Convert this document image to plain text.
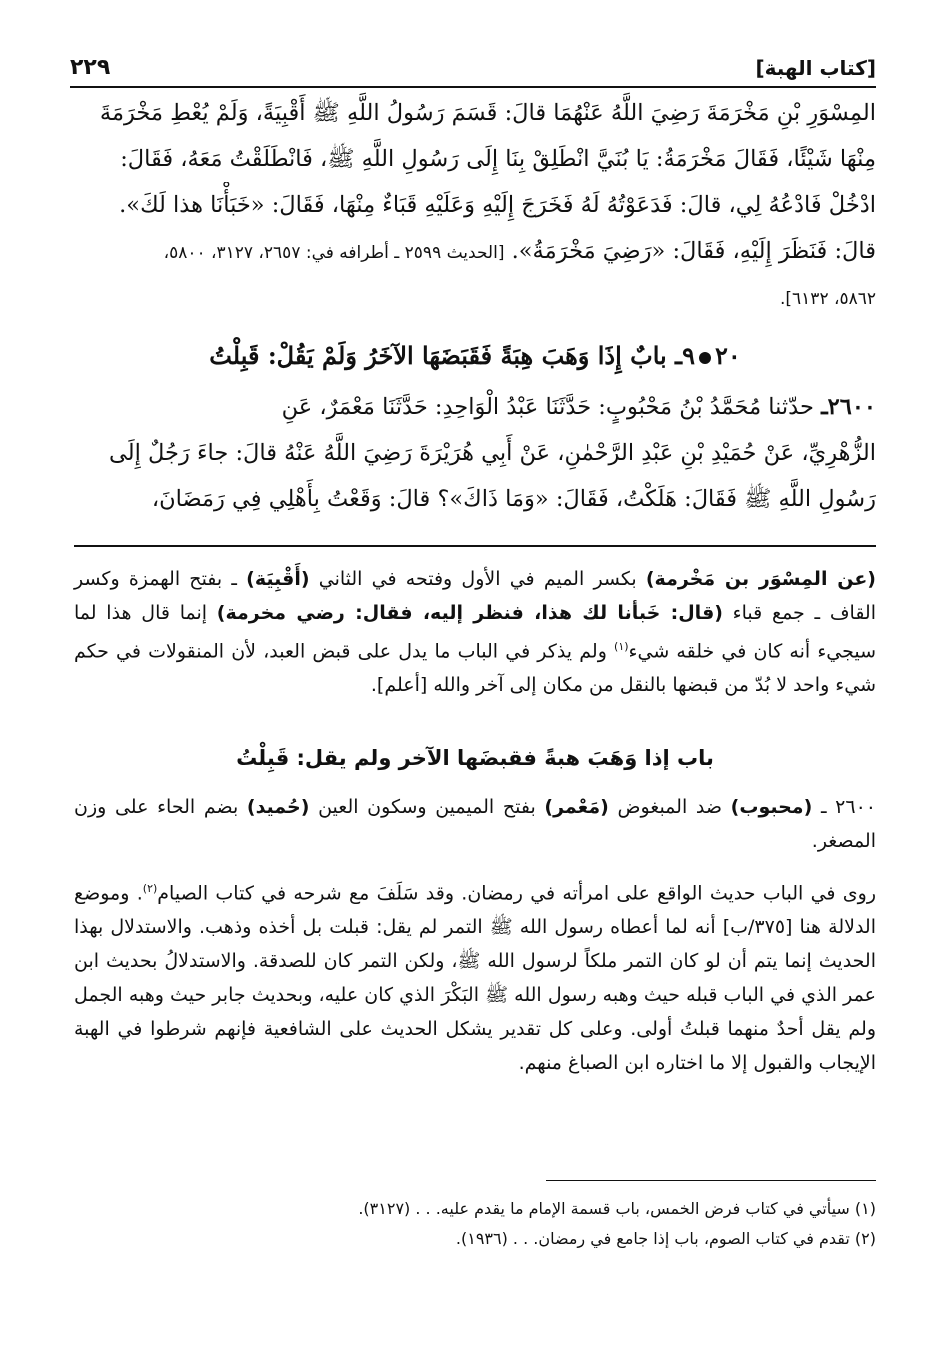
٢٢٩	[كتاب الهبة]
المِسْوَرِ بْنِ مَخْرَمَةَ رَضِيَ اللَّهُ عَنْهُمَا قالَ: قَسَمَ رَسُولُ اللَّهِ ﷺ أَقْبِيَةً، وَلَمْ يُعْطِ مَخْرَمَةَ
مِنْهَا شَيْئًا، فَقَالَ مَخْرَمَةُ: يَا بُنَيَّ انْطَلِقْ بِنَا إِلَى رَسُولِ اللَّهِ ﷺ، فَانْطَلَقْتُ مَعَهُ، فَقَالَ:
ادْخُلْ فَادْعُهُ لِي، قالَ: فَدَعَوْتُهُ لَهُ فَخَرَجَ إِلَيْهِ وَعَلَيْهِ قَبَاءٌ مِنْهَا، فَقَالَ: «خَبَأْنَا هذا لَكَ».
قالَ: فَنَظَرَ إِلَيْهِ، فَقَالَ: «رَضِيَ مَخْرَمَةُ». [الحديث ٢٥٩٩ ـ أطرافه في: ٢٦٥٧، ٣١٢٧، ٥٨٠٠،
٥٨٦٢، ٦١٣٢].
٢٠٩ـ بابٌ إِذَا وَهَبَ هِبَةً فَقَبَضَهَا الآخَرُ وَلَمْ يَقُلْ: قَبِلْتُ
٢٦٠٠ـ حدّثنا مُحَمَّدُ بْنُ مَحْبُوبٍ: حَدَّثَنَا عَبْدُ الْوَاحِدِ: حَدَّثَنَا مَعْمَرٌ، عَنِ
الزُّهْرِيِّ، عَنْ حُمَيْدِ بْنِ عَبْدِ الرَّحْمٰنِ، عَنْ أَبِي هُرَيْرَةَ رَضِيَ اللَّهُ عَنْهُ قالَ: جاءَ رَجُلٌ إِلَى
رَسُولِ اللَّهِ ﷺ فَقَالَ: هَلَكْتُ، فَقَالَ: «وَمَا ذَاكَ»؟ قالَ: وَقَعْتُ بِأَهْلِي فِي رَمَضَانَ،
(عن المِسْوَر بن مَخْرمة) بكسر الميم في الأول وفتحه في الثاني (أَقْبِيَة) ـ بفتح الهمزة وكسر القاف ـ جمع قباء (قال: خَبأنا لك هذا، فنظر إليه، فقال: رضي مخرمة) إنما قال هذا لما سيجيء أنه كان في خلقه شيء$^{(١)}$ ولم يذكر في الباب ما يدل على قبض العبد، لأن المنقولات في حكم شيء واحد لا بُدّ من قبضها بالنقل من مكان إلى آخر والله [أعلم].
باب إذا وَهَبَ هبةً فقبضَها الآخر ولم يقل: قَبِلْتُ
٢٦٠٠ ـ (محبوب) ضد المبغوض (مَعْمر) بفتح الميمين وسكون العين (حُميد) بضم الحاء على وزن المصغر.
روى في الباب حديث الواقع على امرأته في رمضان. وقد سَلَفَ مع شرحه في كتاب الصيام$^{(٢)}$. وموضع الدلالة هنا [٣٧٥/ب] أنه لما أعطاه رسول الله ﷺ التمر لم يقل: قبلت بل أخذه وذهب. والاستدلال بهذا الحديث إنما يتم أن لو كان التمر ملكاً لرسول الله ﷺ، ولكن التمر كان للصدقة. والاستدلالُ بحديث ابن عمر الذي في الباب قبله حيث وهبه رسول الله ﷺ البَكْرَ الذي كان عليه، وبحديث جابر حيث وهبه الجمل ولم يقل أحدٌ منهما قبلتُ أولى. وعلى كل تقدير يشكل الحديث على الشافعية فإنهم شرطوا في الهبة الإيجاب والقبول إلا ما اختاره ابن الصباغ منهم.
(١) سيأتي في كتاب فرض الخمس، باب قسمة الإمام ما يقدم عليه. . . (٣١٢٧).
(٢) تقدم في كتاب الصوم، باب إذا جامع في رمضان. . . (١٩٣٦).
